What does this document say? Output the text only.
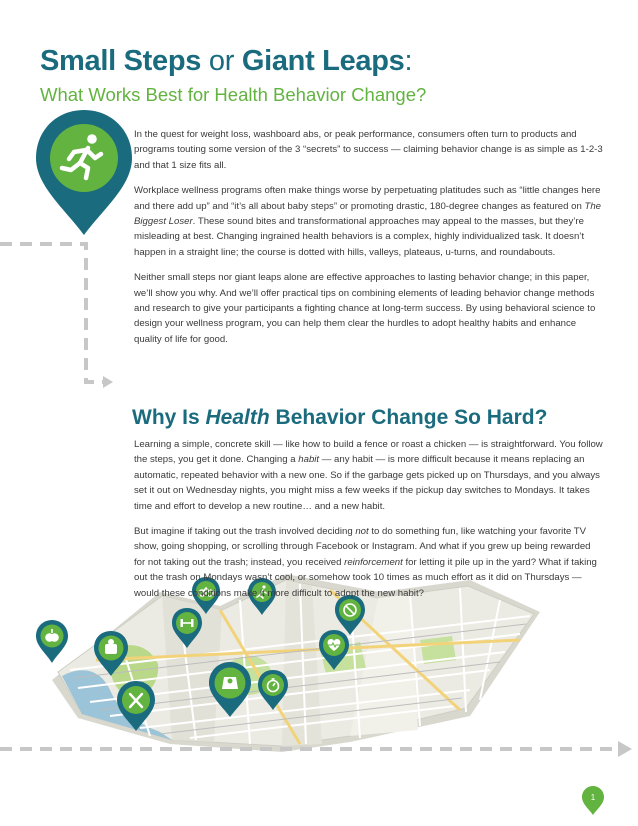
1
Small Steps or Giant Leaps:
What Works Best for Health Behavior Change?

In the quest for weight loss, washboard abs, or peak performance, consumers often turn to products and programs touting some version of the 3 “secrets” to success — claiming behavior change is as simple as 1-2-3 and that 1 size fits all.

Workplace wellness programs often make things worse by perpetuating platitudes such as “little changes here and there add up” and “it’s all about baby steps” or promoting drastic, 180-degree changes as featured on The Biggest Loser. These sound bites and transformational approaches may appeal to the masses, but they’re misleading at best. Changing ingrained health behaviors is a complex, highly individualized task. It doesn’t happen in a straight line; the course is dotted with hills, valleys, plateaus, u-turns, and roundabouts.

Neither small steps nor giant leaps alone are effective approaches to lasting behavior change; in this paper, we’ll show you why. And we’ll offer practical tips on combining elements of leading behavior change methods and research to give your participants a fighting chance at long-term success. By using behavioral science to design your wellness program, you can help them clear the hurdles to adopt healthy habits and enhance quality of life for good.

Why Is Health Behavior Change So Hard?

Learning a simple, concrete skill — like how to build a fence or roast a chicken — is straightforward. You follow the steps, you get it done. Changing a habit — any habit — is more difficult because it means replacing an automatic, repeated behavior with a new one. So if the garbage gets picked up on Thursdays, and you always set it out on Wednesday nights, you might miss a few weeks if the pickup day switches to Mondays. It takes time and effort to develop a new routine… and a new habit.

But imagine if taking out the trash involved deciding not to do something fun, like watching your favorite TV show, going shopping, or scrolling through Facebook or Instagram. And what if you grew up being rewarded for not taking out the trash; instead, you received reinforcement for letting it pile up in the yard? What if taking out the trash on Mondays wasn’t cool, or somehow took 10 times as much effort as it did on Thursdays — would these conditions make it more difficult to adopt the new habit?
